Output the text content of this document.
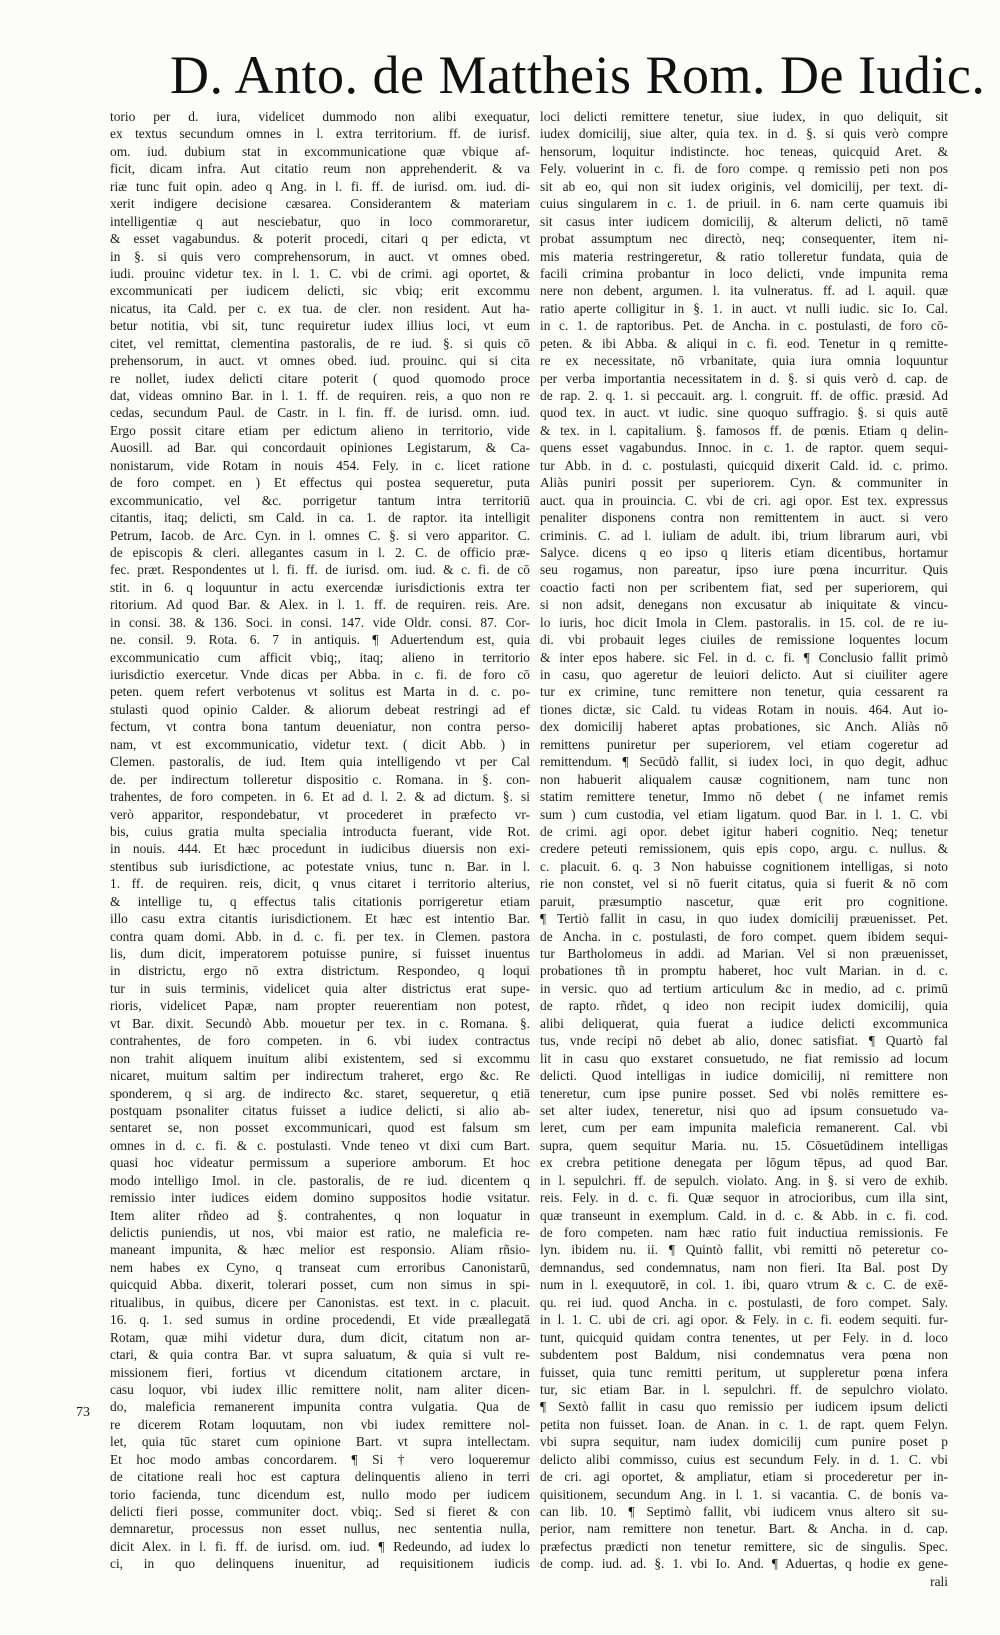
D. Anto. de Mattheis Rom. De Iudic.
73
torio per d. iura, videlicet dummodo non alibi exequatur,
ex textus secundum omnes in l. extra territorium. ff. de iurisf.
om. iud. dubium stat in excommunicatione quæ vbique af-
ficit, dicam infra. Aut citatio reum non apprehenderit. & va
riæ tunc fuit opin. adeo q Ang. in l. fi. ff. de iurisd. om. iud. di-
xerit indigere decisione cæsarea. Considerantem & materiam
intelligentiæ q aut nesciebatur, quo in loco commoraretur,
& esset vagabundus. & poterit procedi, citari q per edicta, vt
in §. si quis vero comprehensorum, in auct. vt omnes obed.
iudi. prouinc videtur tex. in l. 1. C. vbi de crimi. agi oportet, &
excommunicati per iudicem delicti, sic vbiq; erit excommu
nicatus, ita Cald. per c. ex tua. de cler. non resident. Aut ha-
betur notitia, vbi sit, tunc requiretur iudex illius loci, vt eum
citet, vel remittat, clementina pastoralis, de re iud. §. si quis cō
prehensorum, in auct. vt omnes obed. iud. prouinc. qui si cita
re nollet, iudex delicti citare poterit ( quod quomodo proce
dat, videas omnino Bar. in l. 1. ff. de requiren. reis, a quo non re
cedas, secundum Paul. de Castr. in l. fin. ff. de iurisd. omn. iud.
Ergo possit citare etiam per edictum alieno in territorio, vide
Auosill. ad Bar. qui concordauit opiniones Legistarum, & Ca-
nonistarum, vide Rotam in nouis 454. Fely. in c. licet ratione
de foro compet. en ) Et effectus qui postea sequeretur, puta
excommunicatio, vel &c. porrigetur tantum intra territoriū
citantis, itaq; delicti, sm Cald. in ca. 1. de raptor. ita intelligit
Petrum, Iacob. de Arc. Cyn. in l. omnes C. §. si vero apparitor. C.
de episcopis & cleri. allegantes casum in l. 2. C. de officio præ-
fec. præt. Respondentes ut l. fi. ff. de iurisd. om. iud. & c. fi. de cō
stit. in 6. q loquuntur in actu exercendæ iurisdictionis extra ter
ritorium. Ad quod Bar. & Alex. in l. 1. ff. de requiren. reis. Are.
in consi. 38. & 136. Soci. in consi. 147. vide Oldr. consi. 87. Cor-
ne. consil. 9. Rota. 6. 7 in antiquis. ¶ Aduertendum est, quia
excommunicatio cum afficit vbiq;, itaq; alieno in territorio
iurisdictio exercetur. Vnde dicas per Abba. in c. fi. de foro cō
peten. quem refert verbotenus vt solitus est Marta in d. c. po-
stulasti quod opinio Calder. & aliorum debeat restringi ad ef
fectum, vt contra bona tantum deueniatur, non contra perso-
nam, vt est excommunicatio, videtur text. ( dicit Abb. ) in
Clemen. pastoralis, de iud. Item quia intelligendo vt per Cal
de. per indirectum tolleretur dispositio c. Romana. in §. con-
trahentes, de foro competen. in 6. Et ad d. l. 2. & ad dictum. §. si
verò apparitor, respondebatur, vt procederet in præfecto vr-
bis, cuius gratia multa specialia introducta fuerant, vide Rot.
in nouis. 444. Et hæc procedunt in iudicibus diuersis non exi-
stentibus sub iurisdictione, ac potestate vnius, tunc n. Bar. in l.
1. ff. de requiren. reis, dicit, q vnus citaret i territorio alterius,
& intellige tu, q effectus talis citationis porrigeretur etiam
illo casu extra citantis iurisdictionem. Et hæc est intentio Bar.
contra quam domi. Abb. in d. c. fi. per tex. in Clemen. pastora
lis, dum dicit, imperatorem potuisse punire, si fuisset inuentus
in districtu, ergo nō extra districtum. Respondeo, q loqui
tur in suis terminis, videlicet quia alter districtus erat supe-
rioris, videlicet Papæ, nam propter reuerentiam non potest,
vt Bar. dixit. Secundò Abb. mouetur per tex. in c. Romana. §.
contrahentes, de foro competen. in 6. vbi iudex contractus
non trahit aliquem inuitum alibi existentem, sed si excommu
nicaret, muitum saltim per indirectum traheret, ergo &c. Re
sponderem, q si arg. de indirecto &c. staret, sequeretur, q etiā
postquam psonaliter citatus fuisset a iudice delicti, si alio ab-
sentaret se, non posset excommunicari, quod est falsum sm
omnes in d. c. fi. & c. postulasti. Vnde teneo vt dixi cum Bart.
quasi hoc videatur permissum a superiore amborum. Et hoc
modo intelligo Imol. in cle. pastoralis, de re iud. dicentem q
remissio inter iudices eidem domino suppositos hodie vsitatur.
Item aliter rñdeo ad §. contrahentes, q non loquatur in
delictis puniendis, ut nos, vbi maior est ratio, ne maleficia re-
maneant impunita, & hæc melior est responsio. Aliam rñsio-
nem habes ex Cyno, q transeat cum erroribus Canonistarū,
quicquid Abba. dixerit, tolerari posset, cum non simus in spi-
ritualibus, in quibus, dicere per Canonistas. est text. in c. placuit.
16. q. 1. sed sumus in ordine procedendi, Et vide præallegatā
Rotam, quæ mihi videtur dura, dum dicit, citatum non ar-
ctari, & quia contra Bar. vt supra saluatum, & quia si vult re-
missionem fieri, fortius vt dicendum citationem arctare, in
casu loquor, vbi iudex illic remittere nolit, nam aliter dicen-
do, maleficia remanerent impunita contra vulgatia. Qua de
re dicerem Rotam loquutam, non vbi iudex remittere nol-
let, quia tūc staret cum opinione Bart. vt supra intellectam.
Et hoc modo ambas concordarem. ¶ Si † vero loqueremur
de citatione reali hoc est captura delinquentis alieno in terri
torio facienda, tunc dicendum est, nullo modo per iudicem
delicti fieri posse, communiter doct. vbiq;. Sed si fieret & con
demnaretur, processus non esset nullus, nec sententia nulla,
dicit Alex. in l. fi. ff. de iurisd. om. iud. ¶ Redeundo, ad iudex lo
ci, in quo delinquens inuenitur, ad requisitionem iudicis
loci delicti remittere tenetur, siue iudex, in quo deliquit, sit
iudex domicilij, siue alter, quia tex. in d. §. si quis verò compre
hensorum, loquitur indistincte. hoc teneas, quicquid Aret. &
Fely. voluerint in c. fi. de foro compe. q remissio peti non pos
sit ab eo, qui non sit iudex originis, vel domicilij, per text. di-
cuius singularem in c. 1. de priuil. in 6. nam certe quamuis ibi
sit casus inter iudicem domicilij, & alterum delicti, nō tamē
probat assumptum nec directò, neq; consequenter, item ni-
mis materia restringeretur, & ratio tolleretur fundata, quia de
facili crimina probantur in loco delicti, vnde impunita rema
nere non debent, argumen. l. ita vulneratus. ff. ad l. aquil. quæ
ratio aperte colligitur in §. 1. in auct. vt nulli iudic. sic Io. Cal.
in c. 1. de raptoribus. Pet. de Ancha. in c. postulasti, de foro cō-
peten. & ibi Abba. & aliqui in c. fi. eod. Tenetur in q remitte-
re ex necessitate, nō vrbanitate, quia iura omnia loquuntur
per verba importantia necessitatem in d. §. si quis verò d. cap. de
de rap. 2. q. 1. si peccauit. arg. l. congruit. ff. de offic. præsid. Ad
quod tex. in auct. vt iudic. sine quoquo suffragio. §. si quis autē
& tex. in l. capitalium. §. famosos ff. de pœnis. Etiam q delin-
quens esset vagabundus. Innoc. in c. 1. de raptor. quem sequi-
tur Abb. in d. c. postulasti, quicquid dixerit Cald. id. c. primo.
Aliàs puniri possit per superiorem. Cyn. & communiter in
auct. qua in prouincia. C. vbi de cri. agi opor. Est tex. expressus
penaliter disponens contra non remittentem in auct. si vero
criminis. C. ad l. iuliam de adult. ibi, trium librarum auri, vbi
Salyce. dicens q eo ipso q literis etiam dicentibus, hortamur
seu rogamus, non pareatur, ipso iure pœna incurritur. Quis
coactio facti non per scribentem fiat, sed per superiorem, qui
si non adsit, denegans non excusatur ab iniquitate & vincu-
lo iuris, hoc dicit Imola in Clem. pastoralis. in 15. col. de re iu-
di. vbi probauit leges ciuiles de remissione loquentes locum
& inter epos habere. sic Fel. in d. c. fi. ¶ Conclusio fallit primò
in casu, quo ageretur de leuiori delicto. Aut si ciuiliter agere
tur ex crimine, tunc remittere non tenetur, quia cessarent ra
tiones dictæ, sic Cald. tu videas Rotam in nouis. 464. Aut io-
dex domicilij haberet aptas probationes, sic Anch. Aliàs nō
remittens puniretur per superiorem, vel etiam cogeretur ad
remittendum. ¶ Secūdò fallit, si iudex loci, in quo degit, adhuc
non habuerit aliqualem causæ cognitionem, nam tunc non
statim remittere tenetur, Immo nō debet ( ne infamet remis
sum ) cum custodia, vel etiam ligatum. quod Bar. in l. 1. C. vbi
de crimi. agi opor. debet igitur haberi cognitio. Neq; tenetur
credere peteuti remissionem, quis epis copo, argu. c. nullus. &
c. placuit. 6. q. 3 Non habuisse cognitionem intelligas, si noto
rie non constet, vel si nō fuerit citatus, quia si fuerit & nō com
paruit, præsumptio nascetur, quæ erit pro cognitione.
¶ Tertiò fallit in casu, in quo iudex domicilij præuenisset. Pet.
de Ancha. in c. postulasti, de foro compet. quem ibidem sequi-
tur Bartholomeus in addi. ad Marian. Vel si non præuenisset,
probationes tñ in promptu haberet, hoc vult Marian. in d. c.
in versic. quo ad tertium articulum &c in medio, ad c. primū
de rapto. rñdet, q ideo non recipit iudex domicilij, quia
alibi deliquerat, quia fuerat a iudice delicti excommunica
tus, vnde recipi nō debet ab alio, donec satisfiat. ¶ Quartò fal
lit in casu quo exstaret consuetudo, ne fiat remissio ad locum
delicti. Quod intelligas in iudice domicilij, ni remittere non
teneretur, cum ipse punire posset. Sed vbi nolēs remittere es-
set alter iudex, teneretur, nisi quo ad ipsum consuetudo va-
leret, cum per eam impunita maleficia remanerent. Cal. vbi
supra, quem sequitur Maria. nu. 15. Cōsuetūdinem intelligas
ex crebra petitione denegata per lōgum tēpus, ad quod Bar.
in l. sepulchri. ff. de sepulch. violato. Ang. in §. si vero de exhib.
reis. Fely. in d. c. fi. Quæ sequor in atrocioribus, cum illa sint,
quæ transeunt in exemplum. Cald. in d. c. & Abb. in c. fi. cod.
de foro competen. nam hæc ratio fuit inductiua remissionis. Fe
lyn. ibidem nu. ii. ¶ Quintò fallit, vbi remitti nō peteretur co-
demnandus, sed condemnatus, nam non fieri. Ita Bal. post Dy
num in l. exequutorē, in col. 1. ibi, quaro vtrum & c. C. de exē-
qu. rei iud. quod Ancha. in c. postulasti, de foro compet. Saly.
in l. 1. C. ubi de cri. agi opor. & Fely. in c. fi. eodem sequiti. fur-
tunt, quicquid quidam contra tenentes, ut per Fely. in d. loco
subdentem post Baldum, nisi condemnatus vera pœna non
fuisset, quia tunc remitti peritum, ut suppleretur pœna infera
tur, sic etiam Bar. in l. sepulchri. ff. de sepulchro violato.
¶ Sextò fallit in casu quo remissio per iudicem ipsum delicti
petita non fuisset. Ioan. de Anan. in c. 1. de rapt. quem Felyn.
vbi supra sequitur, nam iudex domicilij cum punire poset p
delicto alibi commisso, cuius est secundum Fely. in d. 1. C. vbi
de cri. agi oportet, & ampliatur, etiam si procederetur per in-
quisitionem, secundum Ang. in l. 1. si vacantia. C. de bonis va-
can lib. 10. ¶ Septimò fallit, vbi iudicem vnus altero sit su-
perior, nam remittere non tenetur. Bart. & Ancha. in d. cap.
præfectus prædicti non tenetur remittere, sic de singulis. Spec.
de comp. iud. ad. §. 1. vbi Io. And. ¶ Aduertas, q hodie ex gene-
rali
